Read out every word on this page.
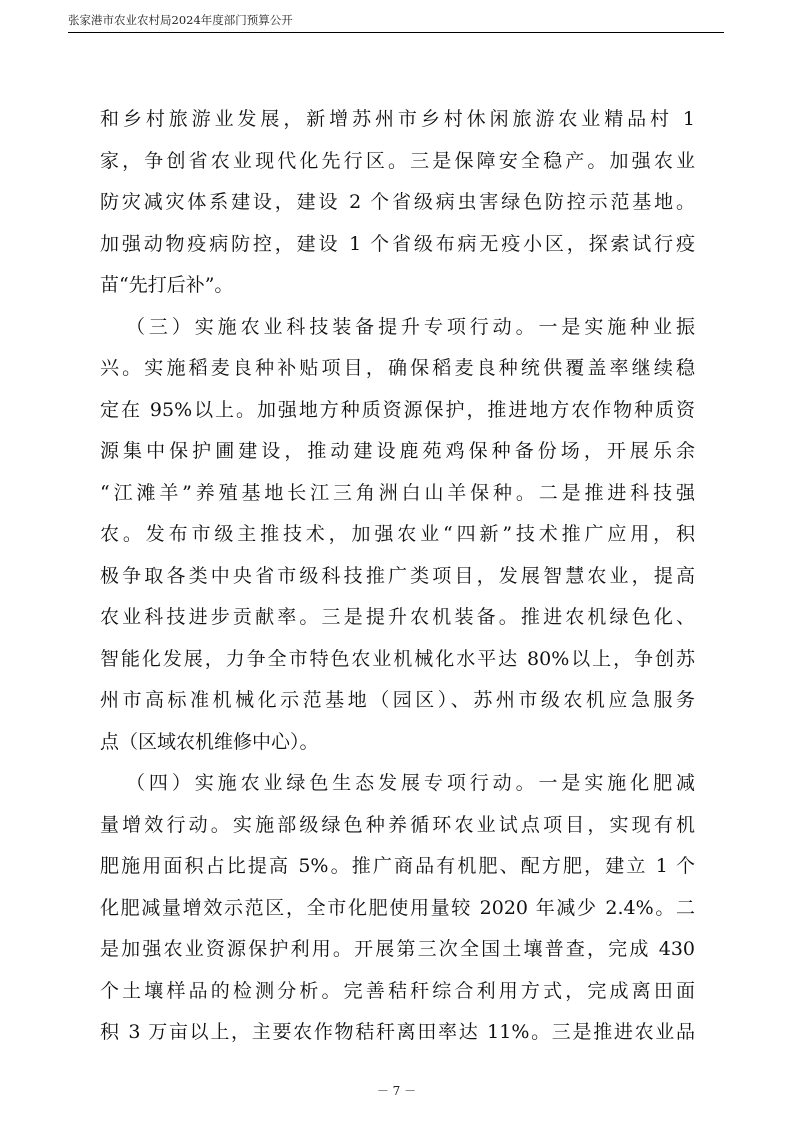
张家港市农业农村局2024年度部门预算公开
和乡村旅游业发展，新增苏州市乡村休闲旅游农业精品村 1
家，争创省农业现代化先行区。三是保障安全稳产。加强农业
防灾减灾体系建设，建设 2 个省级病虫害绿色防控示范基地。
加强动物疫病防控，建设 1 个省级布病无疫小区，探索试行疫
苗“先打后补”。
（三）实施农业科技装备提升专项行动。一是实施种业振
兴。实施稻麦良种补贴项目，确保稻麦良种统供覆盖率继续稳
定在 95%以上。加强地方种质资源保护，推进地方农作物种质资
源集中保护圃建设，推动建设鹿苑鸡保种备份场，开展乐余
“江滩羊”养殖基地长江三角洲白山羊保种。二是推进科技强
农。发布市级主推技术，加强农业“四新”技术推广应用，积
极争取各类中央省市级科技推广类项目，发展智慧农业，提高
农业科技进步贡献率。三是提升农机装备。推进农机绿色化、
智能化发展，力争全市特色农业机械化水平达 80%以上，争创苏
州市高标准机械化示范基地（园区）、苏州市级农机应急服务
点（区域农机维修中心）。
（四）实施农业绿色生态发展专项行动。一是实施化肥减
量增效行动。实施部级绿色种养循环农业试点项目，实现有机
肥施用面积占比提高 5%。推广商品有机肥、配方肥，建立 1 个
化肥减量增效示范区，全市化肥使用量较 2020 年减少 2.4%。二
是加强农业资源保护利用。开展第三次全国土壤普查，完成 430
个土壤样品的检测分析。完善秸秆综合利用方式，完成离田面
积 3 万亩以上，主要农作物秸秆离田率达 11%。三是推进农业品
－ 7 －
